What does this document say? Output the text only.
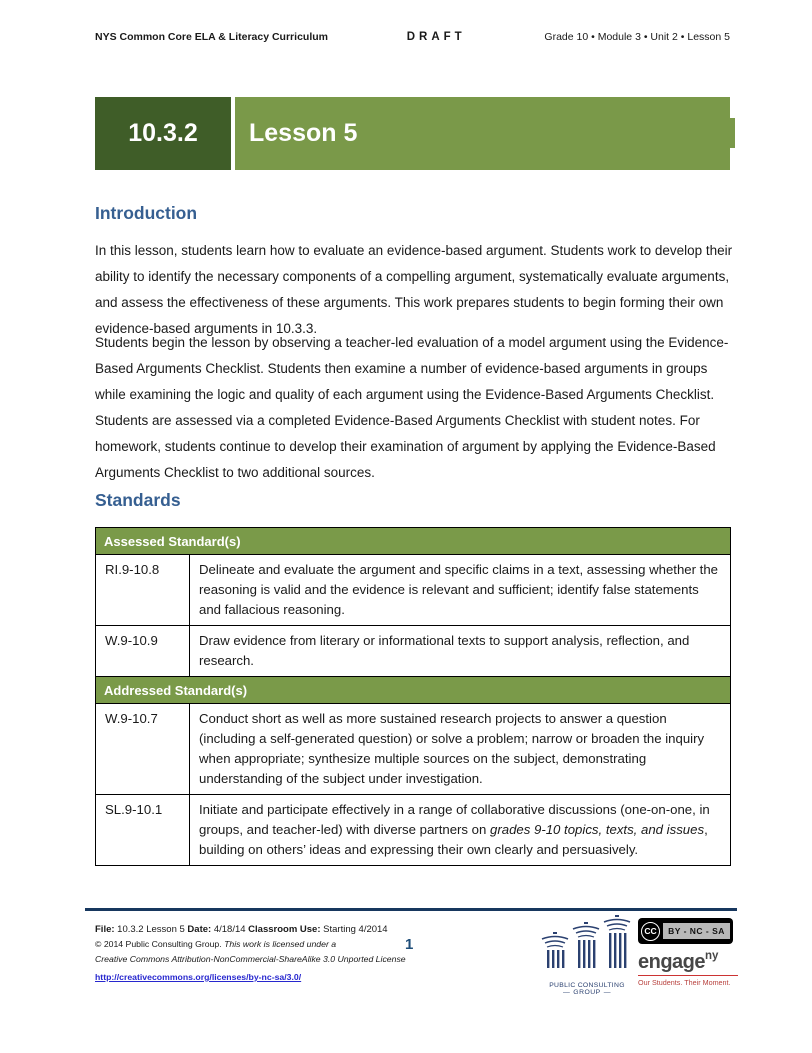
NYS Common Core ELA & Literacy Curriculum	DRAFT	Grade 10 • Module 3 • Unit 2 • Lesson 5
10.3.2	Lesson 5
Introduction

In this lesson, students learn how to evaluate an evidence-based argument. Students work to develop their ability to identify the necessary components of a compelling argument, systematically evaluate arguments, and assess the effectiveness of these arguments. This work prepares students to begin forming their own evidence-based arguments in 10.3.3.

Students begin the lesson by observing a teacher-led evaluation of a model argument using the Evidence-Based Arguments Checklist. Students then examine a number of evidence-based arguments in groups while examining the logic and quality of each argument using the Evidence-Based Arguments Checklist. Students are assessed via a completed Evidence-Based Arguments Checklist with student notes. For homework, students continue to develop their examination of argument by applying the Evidence-Based Arguments Checklist to two additional sources.

Standards
Assessed Standard(s)	
RI.9-10.8	Delineate and evaluate the argument and specific claims in a text, assessing whether the reasoning is valid and the evidence is relevant and sufficient; identify false statements and fallacious reasoning.
W.9-10.9	Draw evidence from literary or informational texts to support analysis, reflection, and research.
Addressed Standard(s)	
W.9-10.7	Conduct short as well as more sustained research projects to answer a question (including a self-generated question) or solve a problem; narrow or broaden the inquiry when appropriate; synthesize multiple sources on the subject, demonstrating understanding of the subject under investigation.
SL.9-10.1	Initiate and participate effectively in a range of collaborative discussions (one-on-one, in groups, and teacher-led) with diverse partners on grades 9-10 topics, texts, and issues, building on others’ ideas and expressing their own clearly and persuasively.
File: 10.3.2 Lesson 5 Date: 4/18/14 Classroom Use: Starting 4/2014
© 2014 Public Consulting Group. This work is licensed under a
Creative Commons Attribution-NonCommercial-ShareAlike 3.0 Unported License
http://creativecommons.org/licenses/by-nc-sa/3.0/
1
PUBLIC CONSULTING
— GROUP —
CC	BY - NC - SA
engage$^{ny}$
Our Students. Their Moment.
